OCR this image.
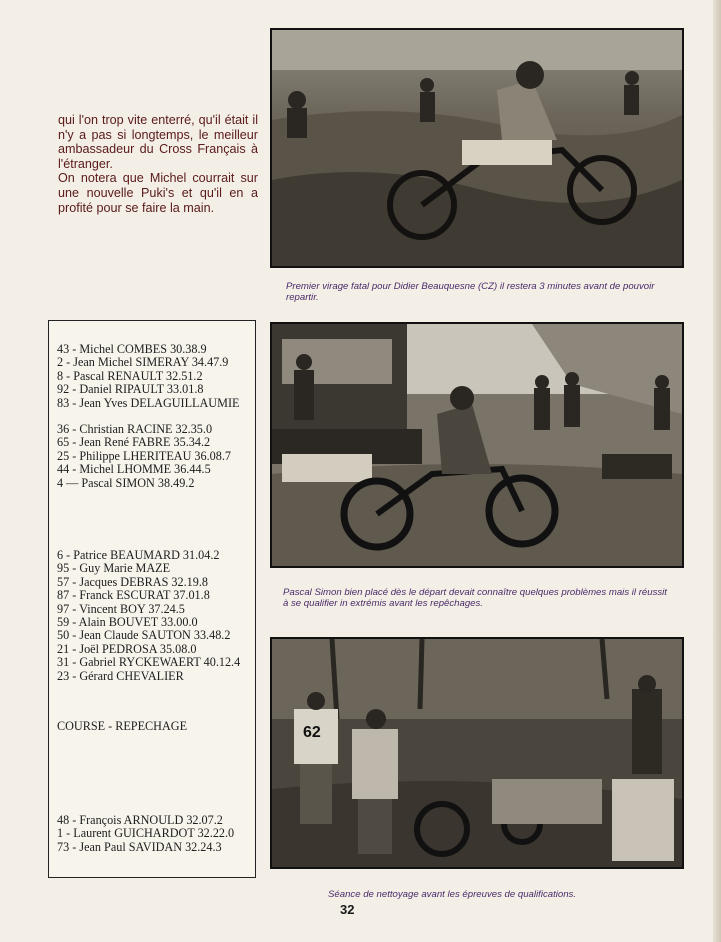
qui l'on trop vite enterré, qu'il était il n'y a pas si longtemps, le meilleur ambassadeur du Cross Français à l'étranger.

On notera que Michel courrait sur une nouvelle Puki's et qu'il en a profité pour se faire la main.

Premier virage fatal pour Didier Beauquesne (CZ) il restera 3 minutes avant de pouvoir repartir.
43 - Michel COMBES 30.38.9
2 - Jean Michel SIMERAY 34.47.9
8 - Pascal RENAULT 32.51.2
92 - Daniel RIPAULT 33.01.8
83 - Jean Yves DELAGUILLAUMIE
36 - Christian RACINE 32.35.0
65 - Jean René FABRE 35.34.2
25 - Philippe LHERITEAU 36.08.7
44 - Michel LHOMME 36.44.5
4 — Pascal SIMON 38.49.2
6 - Patrice BEAUMARD 31.04.2
95 - Guy Marie MAZE
57 - Jacques DEBRAS 32.19.8
87 - Franck ESCURAT 37.01.8
97 - Vincent BOY 37.24.5
59 - Alain BOUVET 33.00.0
50 - Jean Claude SAUTON 33.48.2
21 - Joël PEDROSA 35.08.0
31 - Gabriel RYCKEWAERT 40.12.4
23 - Gérard CHEVALIER
COURSE - REPECHAGE
48 - François ARNOULD 32.07.2
1 - Laurent GUICHARDOT 32.22.0
73 - Jean Paul SAVIDAN 32.24.3
Pascal Simon bien placé dès le départ devait connaître quelques problèmes mais il réussit à se qualifier in extrémis avant les repêchages.
62
Séance de nettoyage avant les épreuves de qualifications.
32
